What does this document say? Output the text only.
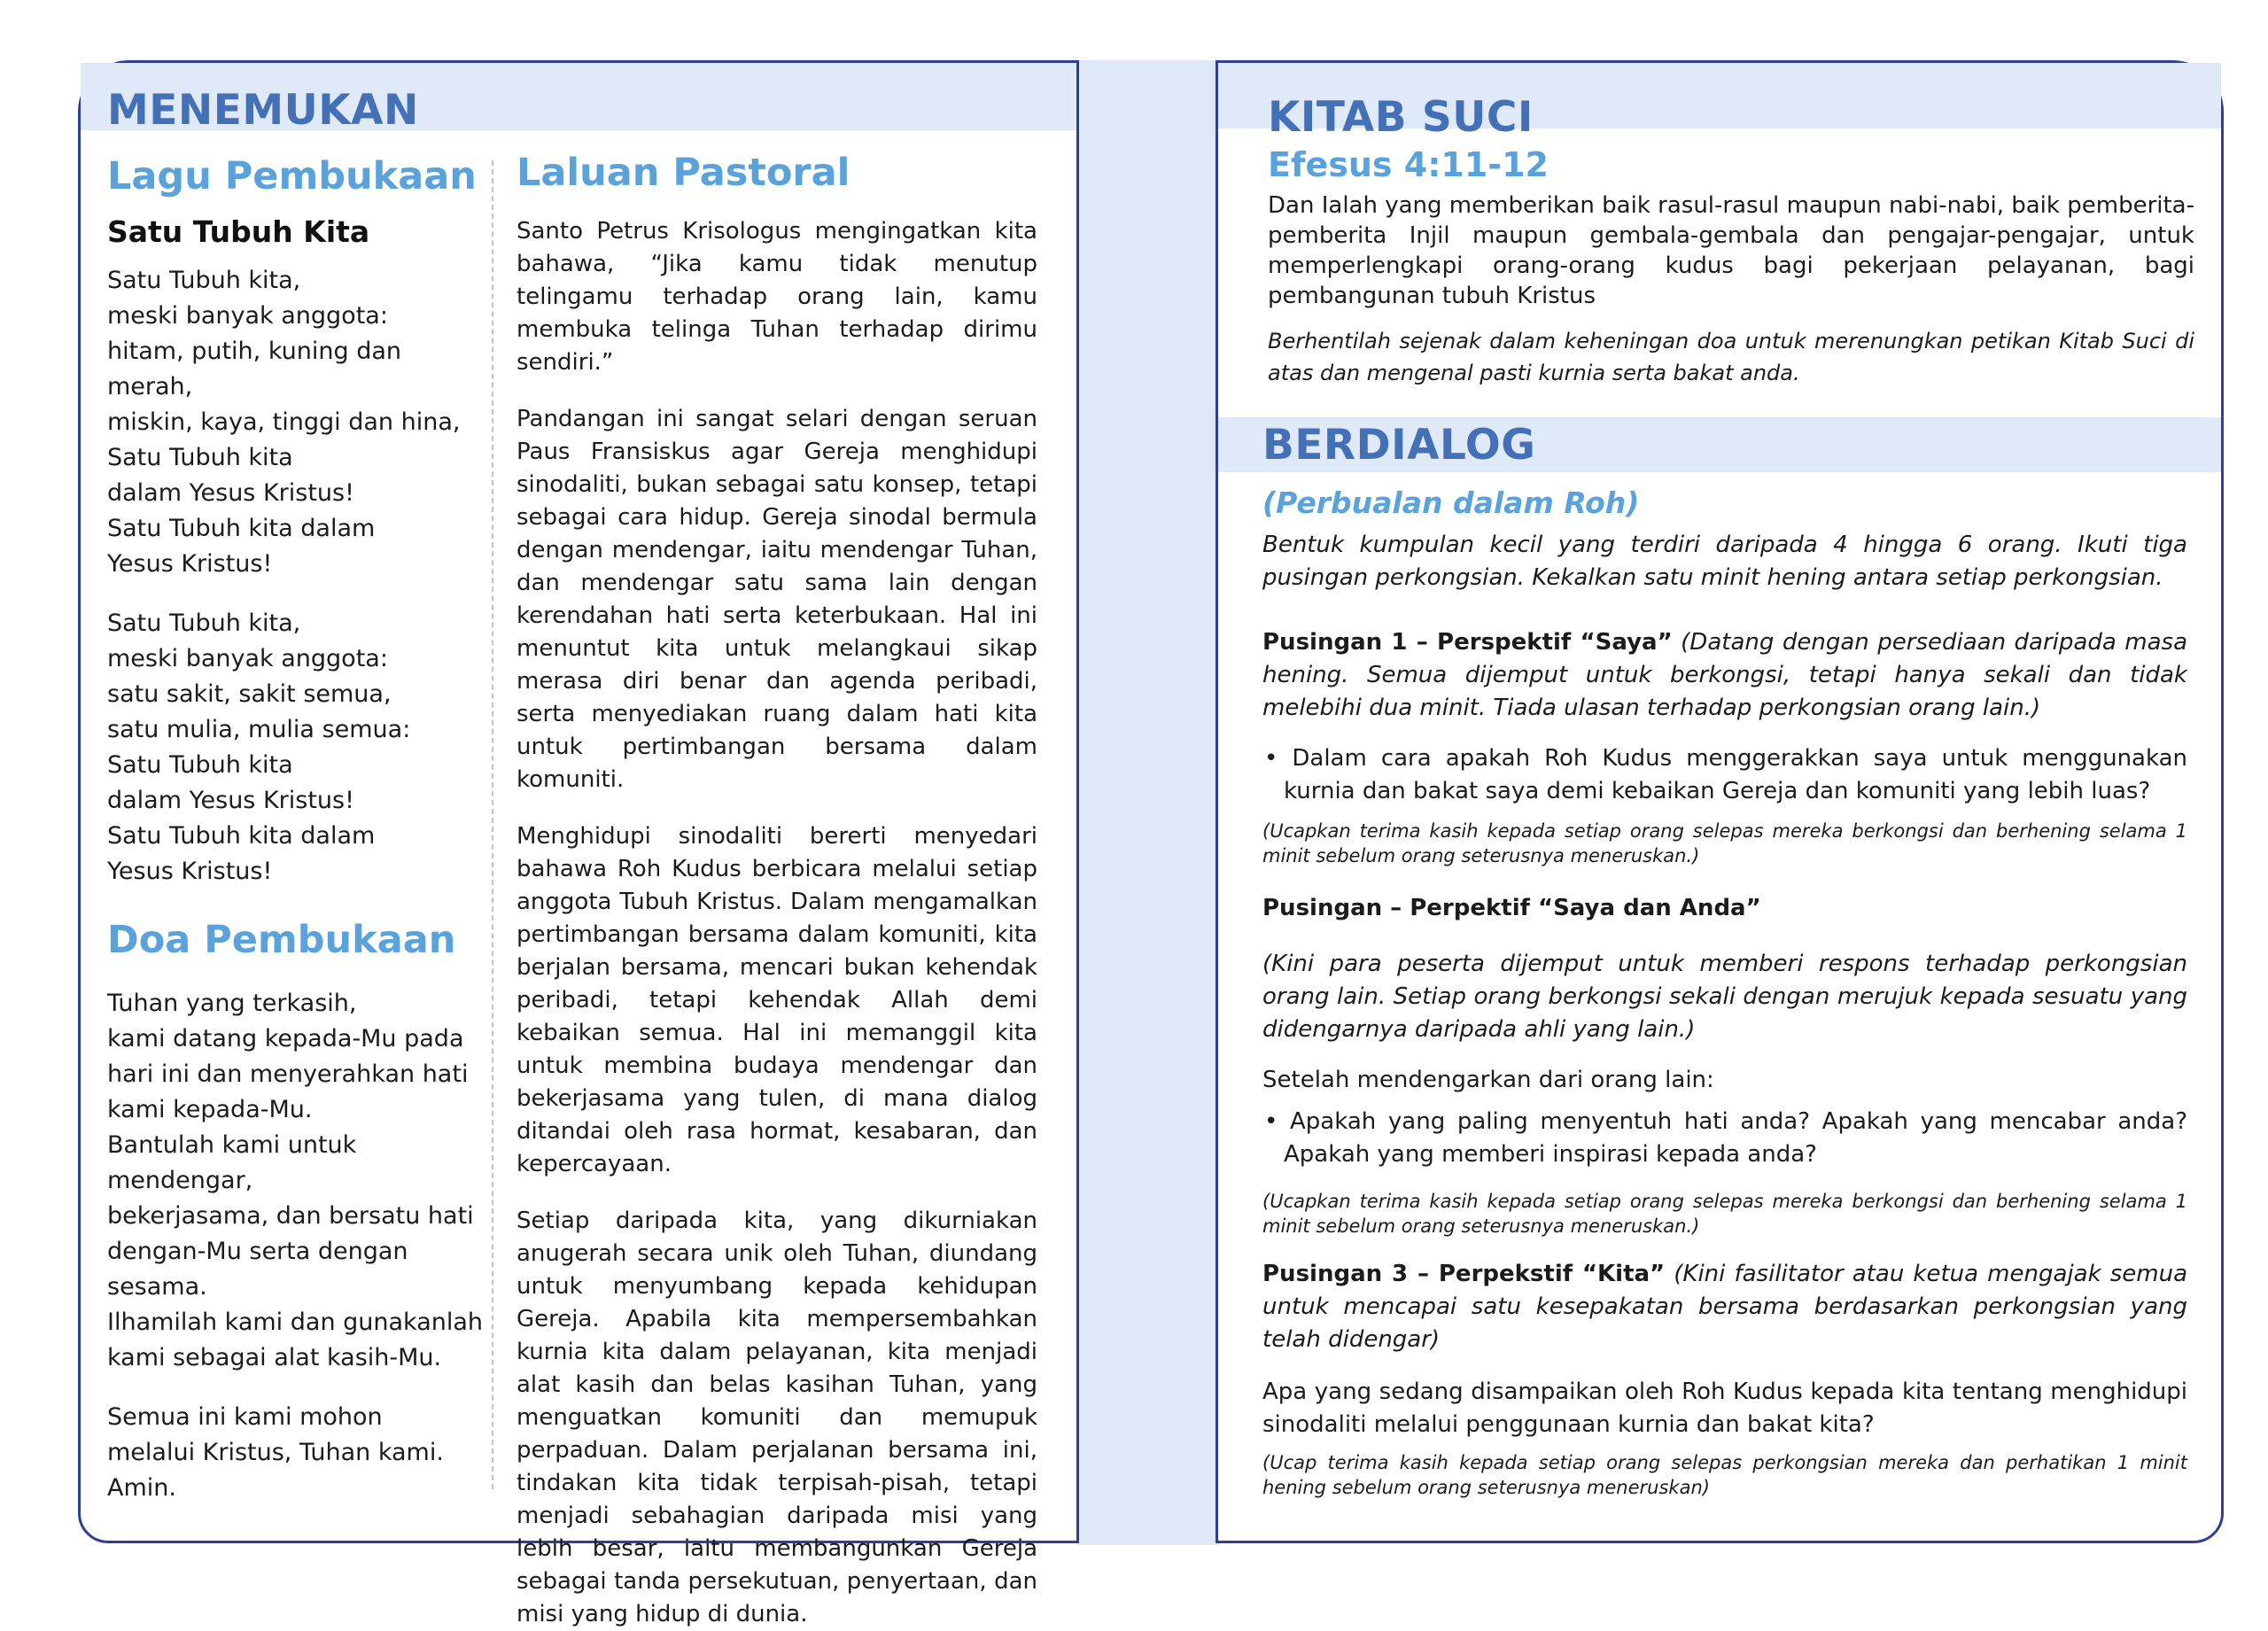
MENEMUKAN
Lagu Pembukaan
Satu Tubuh Kita

Satu Tubuh kita,
meski banyak anggota:
hitam, putih, kuning dan merah,
miskin, kaya, tinggi dan hina,
Satu Tubuh kita
dalam Yesus Kristus!
Satu Tubuh kita dalam
Yesus Kristus!

Satu Tubuh kita,
meski banyak anggota:
satu sakit, sakit semua,
satu mulia, mulia semua:
Satu Tubuh kita
dalam Yesus Kristus!
Satu Tubuh kita dalam
Yesus Kristus!

Doa Pembukaan

Tuhan yang terkasih,
kami datang kepada-Mu pada
hari ini dan menyerahkan hati
kami kepada-Mu.
Bantulah kami untuk mendengar,
bekerjasama, dan bersatu hati
dengan-Mu serta dengan sesama.
Ilhamilah kami dan gunakanlah
kami sebagai alat kasih-Mu.

Semua ini kami mohon
melalui Kristus, Tuhan kami.
Amin.

Laluan Pastoral

Santo Petrus Krisologus mengingatkan kita bahawa, “Jika kamu tidak menutup telingamu terhadap orang lain, kamu membuka telinga Tuhan terhadap dirimu sendiri.”

Pandangan ini sangat selari dengan seruan Paus Fransiskus agar Gereja menghidupi sinodaliti, bukan sebagai satu konsep, tetapi sebagai cara hidup. Gereja sinodal bermula dengan mendengar, iaitu mendengar Tuhan, dan mendengar satu sama lain dengan kerendahan hati serta keterbukaan. Hal ini menuntut kita untuk melangkaui sikap merasa diri benar dan agenda peribadi, serta menyediakan ruang dalam hati kita untuk pertimbangan bersama dalam komuniti.

Menghidupi sinodaliti bererti menyedari bahawa Roh Kudus berbicara melalui setiap anggota Tubuh Kristus. Dalam mengamalkan pertimbangan bersama dalam komuniti, kita berjalan bersama, mencari bukan kehendak peribadi, tetapi kehendak Allah demi kebaikan semua. Hal ini memanggil kita untuk membina budaya mendengar dan bekerjasama yang tulen, di mana dialog ditandai oleh rasa hormat, kesabaran, dan kepercayaan.

Setiap daripada kita, yang dikurniakan anugerah secara unik oleh Tuhan, diundang untuk menyumbang kepada kehidupan Gereja. Apabila kita mempersembahkan kurnia kita dalam pelayanan, kita menjadi alat kasih dan belas kasihan Tuhan, yang menguatkan komuniti dan memupuk perpaduan. Dalam perjalanan bersama ini, tindakan kita tidak terpisah-pisah, tetapi menjadi sebahagian daripada misi yang lebih besar, iaitu membangunkan Gereja sebagai tanda persekutuan, penyertaan, dan misi yang hidup di dunia.

KITAB SUCI
Efesus 4:11-12

Dan Ialah yang memberikan baik rasul-rasul maupun nabi-nabi, baik pemberita-pemberita Injil maupun gembala-gembala dan pengajar-pengajar, untuk memperlengkapi orang-orang kudus bagi pekerjaan pelayanan, bagi pembangunan tubuh Kristus

Berhentilah sejenak dalam keheningan doa untuk merenungkan petikan Kitab Suci di atas dan mengenal pasti kurnia serta bakat anda.

BERDIALOG
(Perbualan dalam Roh)

Bentuk kumpulan kecil yang terdiri daripada 4 hingga 6 orang. Ikuti tiga pusingan perkongsian. Kekalkan satu minit hening antara setiap perkongsian.

Pusingan 1 – Perspektif “Saya” (Datang dengan persediaan daripada masa hening. Semua dijemput untuk berkongsi, tetapi hanya sekali dan tidak melebihi dua minit. Tiada ulasan terhadap perkongsian orang lain.)

• Dalam cara apakah Roh Kudus menggerakkan saya untuk menggunakan kurnia dan bakat saya demi kebaikan Gereja dan komuniti yang lebih luas?

(Ucapkan terima kasih kepada setiap orang selepas mereka berkongsi dan berhening selama 1 minit sebelum orang seterusnya meneruskan.)

Pusingan – Perpektif “Saya dan Anda”

(Kini para peserta dijemput untuk memberi respons terhadap perkongsian orang lain. Setiap orang berkongsi sekali dengan merujuk kepada sesuatu yang didengarnya daripada ahli yang lain.)

Setelah mendengarkan dari orang lain:

• Apakah yang paling menyentuh hati anda? Apakah yang mencabar anda? Apakah yang memberi inspirasi kepada anda?

(Ucapkan terima kasih kepada setiap orang selepas mereka berkongsi dan berhening selama 1 minit sebelum orang seterusnya meneruskan.)

Pusingan 3 – Perpekstif “Kita” (Kini fasilitator atau ketua mengajak semua untuk mencapai satu kesepakatan bersama berdasarkan perkongsian yang telah didengar)

Apa yang sedang disampaikan oleh Roh Kudus kepada kita tentang menghidupi sinodaliti melalui penggunaan kurnia dan bakat kita?

(Ucap terima kasih kepada setiap orang selepas perkongsian mereka dan perhatikan 1 minit hening sebelum orang seterusnya meneruskan)
